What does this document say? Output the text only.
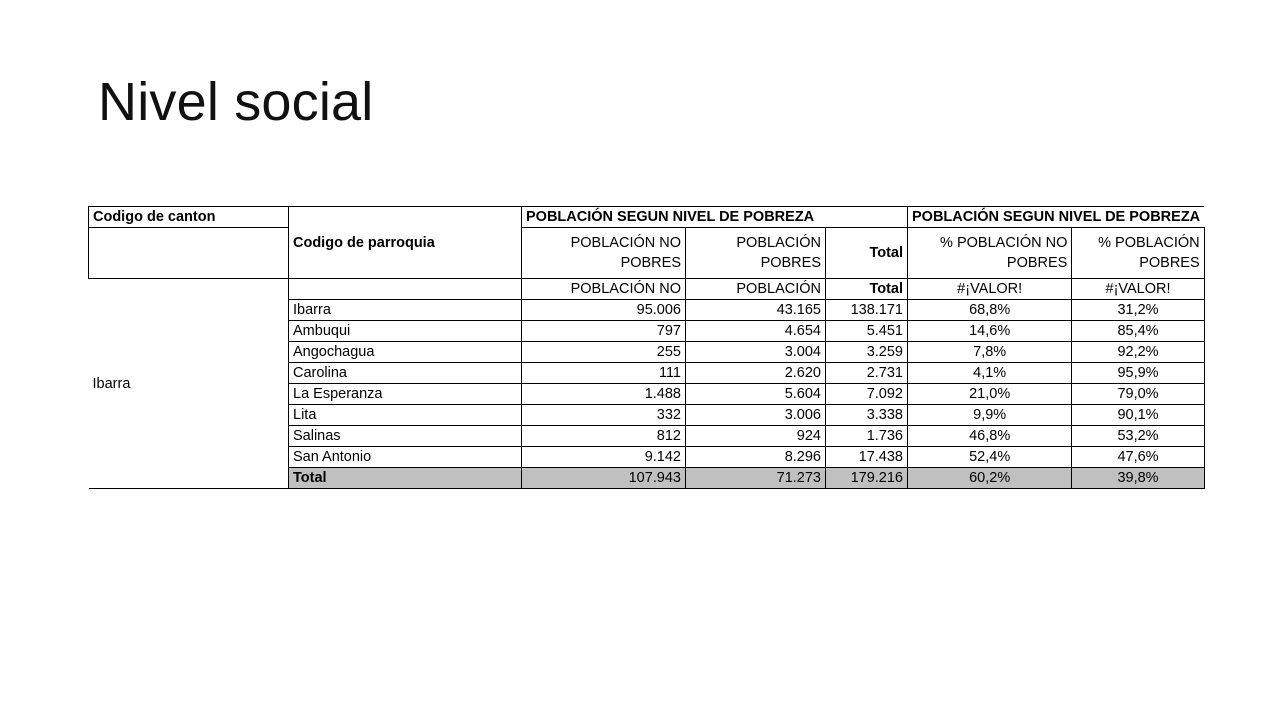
Nivel social
Codigo de canton	Codigo de parroquia	POBLACIÓN SEGUN NIVEL DE POBREZA			POBLACIÓN SEGUN NIVEL DE POBREZA	
		POBLACIÓN NO POBRES	POBLACIÓN POBRES	Total	% POBLACIÓN NO POBRES	% POBLACIÓN POBRES
Ibarra		POBLACIÓN NO	POBLACIÓN	Total	#¡VALOR!	#¡VALOR!
	Ibarra	95.006	43.165	138.171	68,8%	31,2%
	Ambuqui	797	4.654	5.451	14,6%	85,4%
	Angochagua	255	3.004	3.259	7,8%	92,2%
	Carolina	111	2.620	2.731	4,1%	95,9%
	La Esperanza	1.488	5.604	7.092	21,0%	79,0%
	Lita	332	3.006	3.338	9,9%	90,1%
	Salinas	812	924	1.736	46,8%	53,2%
	San Antonio	9.142	8.296	17.438	52,4%	47,6%
	Total	107.943	71.273	179.216	60,2%	39,8%
